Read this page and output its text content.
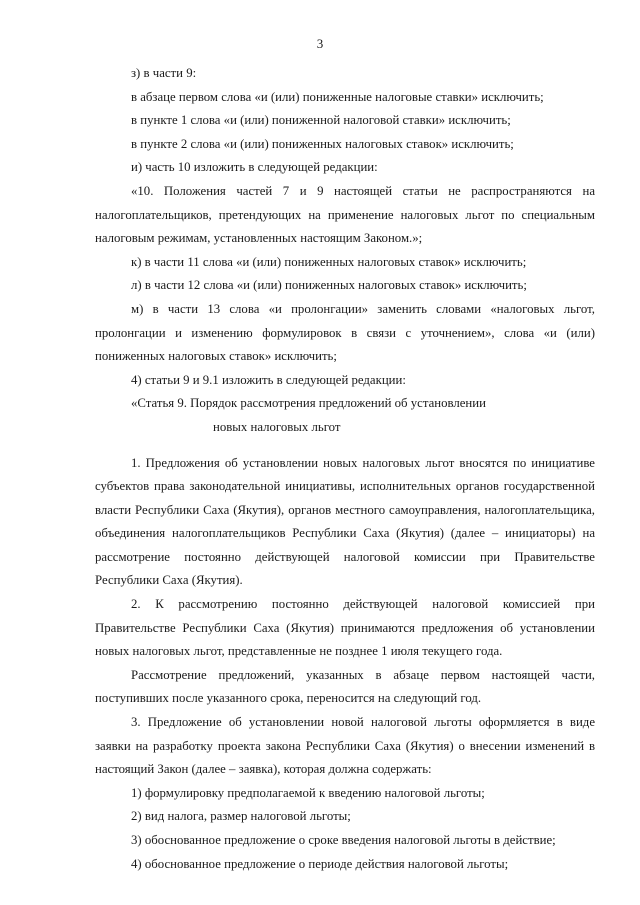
3
з) в части 9:
в абзаце первом слова «и (или) пониженные налоговые ставки» исключить;
в пункте 1 слова «и (или) пониженной налоговой ставки» исключить;
в пункте 2 слова «и (или) пониженных налоговых ставок» исключить;
и) часть 10 изложить в следующей редакции:
«10. Положения частей 7 и 9 настоящей статьи не распространяются на налогоплательщиков, претендующих на применение налоговых льгот по специальным налоговым режимам, установленных настоящим Законом.»;
к) в части 11 слова «и (или) пониженных налоговых ставок» исключить;
л) в части 12 слова «и (или) пониженных налоговых ставок» исключить;
м) в части 13 слова «и пролонгации» заменить словами «налоговых льгот, пролонгации и изменению формулировок в связи с уточнением», слова «и (или) пониженных налоговых ставок» исключить;
4) статьи 9 и 9.1 изложить в следующей редакции:
«Статья 9. Порядок рассмотрения предложений об установлении
новых налоговых льгот
1. Предложения об установлении новых налоговых льгот вносятся по инициативе субъектов права законодательной инициативы, исполнительных органов государственной власти Республики Саха (Якутия), органов местного самоуправления, налогоплательщика, объединения налогоплательщиков Республики Саха (Якутия) (далее – инициаторы) на рассмотрение постоянно действующей налоговой комиссии при Правительстве Республики Саха (Якутия).
2. К рассмотрению постоянно действующей налоговой комиссией при Правительстве Республики Саха (Якутия) принимаются предложения об установлении новых налоговых льгот, представленные не позднее 1 июля текущего года.
Рассмотрение предложений, указанных в абзаце первом настоящей части, поступивших после указанного срока, переносится на следующий год.
3. Предложение об установлении новой налоговой льготы оформляется в виде заявки на разработку проекта закона Республики Саха (Якутия) о внесении изменений в настоящий Закон (далее – заявка), которая должна содержать:
1) формулировку предполагаемой к введению налоговой льготы;
2) вид налога, размер налоговой льготы;
3) обоснованное предложение о сроке введения налоговой льготы в действие;
4) обоснованное предложение о периоде действия налоговой льготы;
